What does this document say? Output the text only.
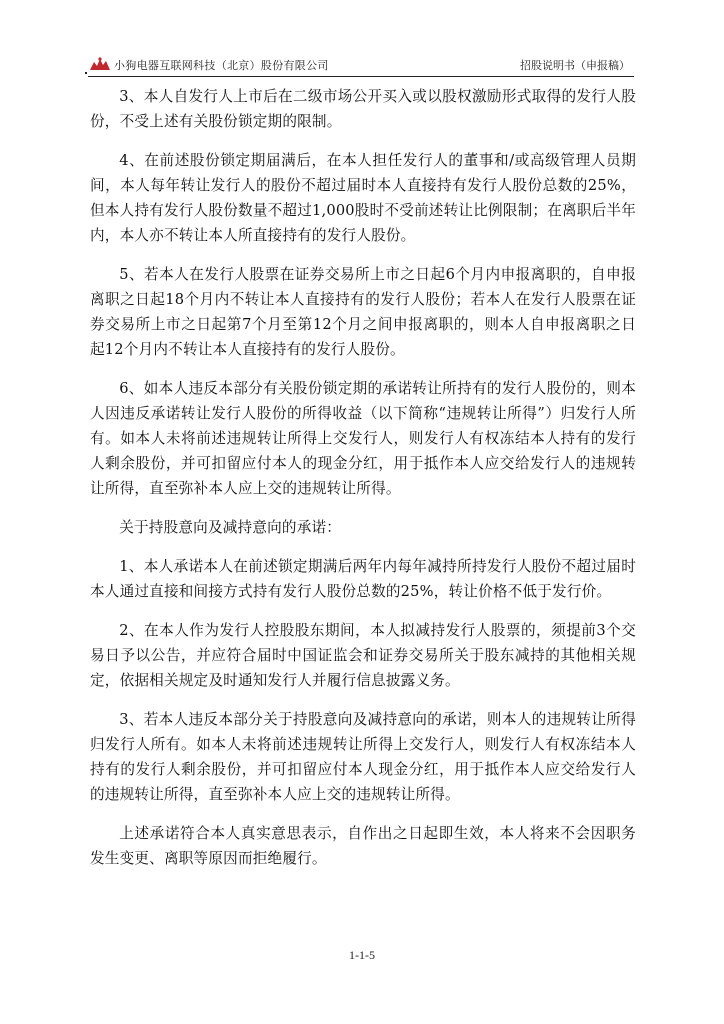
小狗电器互联网科技（北京）股份有限公司	招股说明书（申报稿）

3、本人自发行人上市后在二级市场公开买入或以股权激励形式取得的发行人股份，不受上述有关股份锁定期的限制。

4、在前述股份锁定期届满后，在本人担任发行人的董事和/或高级管理人员期间，本人每年转让发行人的股份不超过届时本人直接持有发行人股份总数的25%，但本人持有发行人股份数量不超过1,000股时不受前述转让比例限制；在离职后半年内，本人亦不转让本人所直接持有的发行人股份。

5、若本人在发行人股票在证券交易所上市之日起6个月内申报离职的，自申报离职之日起18个月内不转让本人直接持有的发行人股份；若本人在发行人股票在证券交易所上市之日起第7个月至第12个月之间申报离职的，则本人自申报离职之日起12个月内不转让本人直接持有的发行人股份。

6、如本人违反本部分有关股份锁定期的承诺转让所持有的发行人股份的，则本人因违反承诺转让发行人股份的所得收益（以下简称“违规转让所得”）归发行人所有。如本人未将前述违规转让所得上交发行人，则发行人有权冻结本人持有的发行人剩余股份，并可扣留应付本人的现金分红，用于抵作本人应交给发行人的违规转让所得，直至弥补本人应上交的违规转让所得。

关于持股意向及减持意向的承诺：

1、本人承诺本人在前述锁定期满后两年内每年减持所持发行人股份不超过届时本人通过直接和间接方式持有发行人股份总数的25%，转让价格不低于发行价。

2、在本人作为发行人控股股东期间，本人拟减持发行人股票的，须提前3个交易日予以公告，并应符合届时中国证监会和证券交易所关于股东减持的其他相关规定，依据相关规定及时通知发行人并履行信息披露义务。

3、若本人违反本部分关于持股意向及减持意向的承诺，则本人的违规转让所得归发行人所有。如本人未将前述违规转让所得上交发行人，则发行人有权冻结本人持有的发行人剩余股份，并可扣留应付本人现金分红，用于抵作本人应交给发行人的违规转让所得，直至弥补本人应上交的违规转让所得。

上述承诺符合本人真实意思表示，自作出之日起即生效，本人将来不会因职务发生变更、离职等原因而拒绝履行。

1-1-5
